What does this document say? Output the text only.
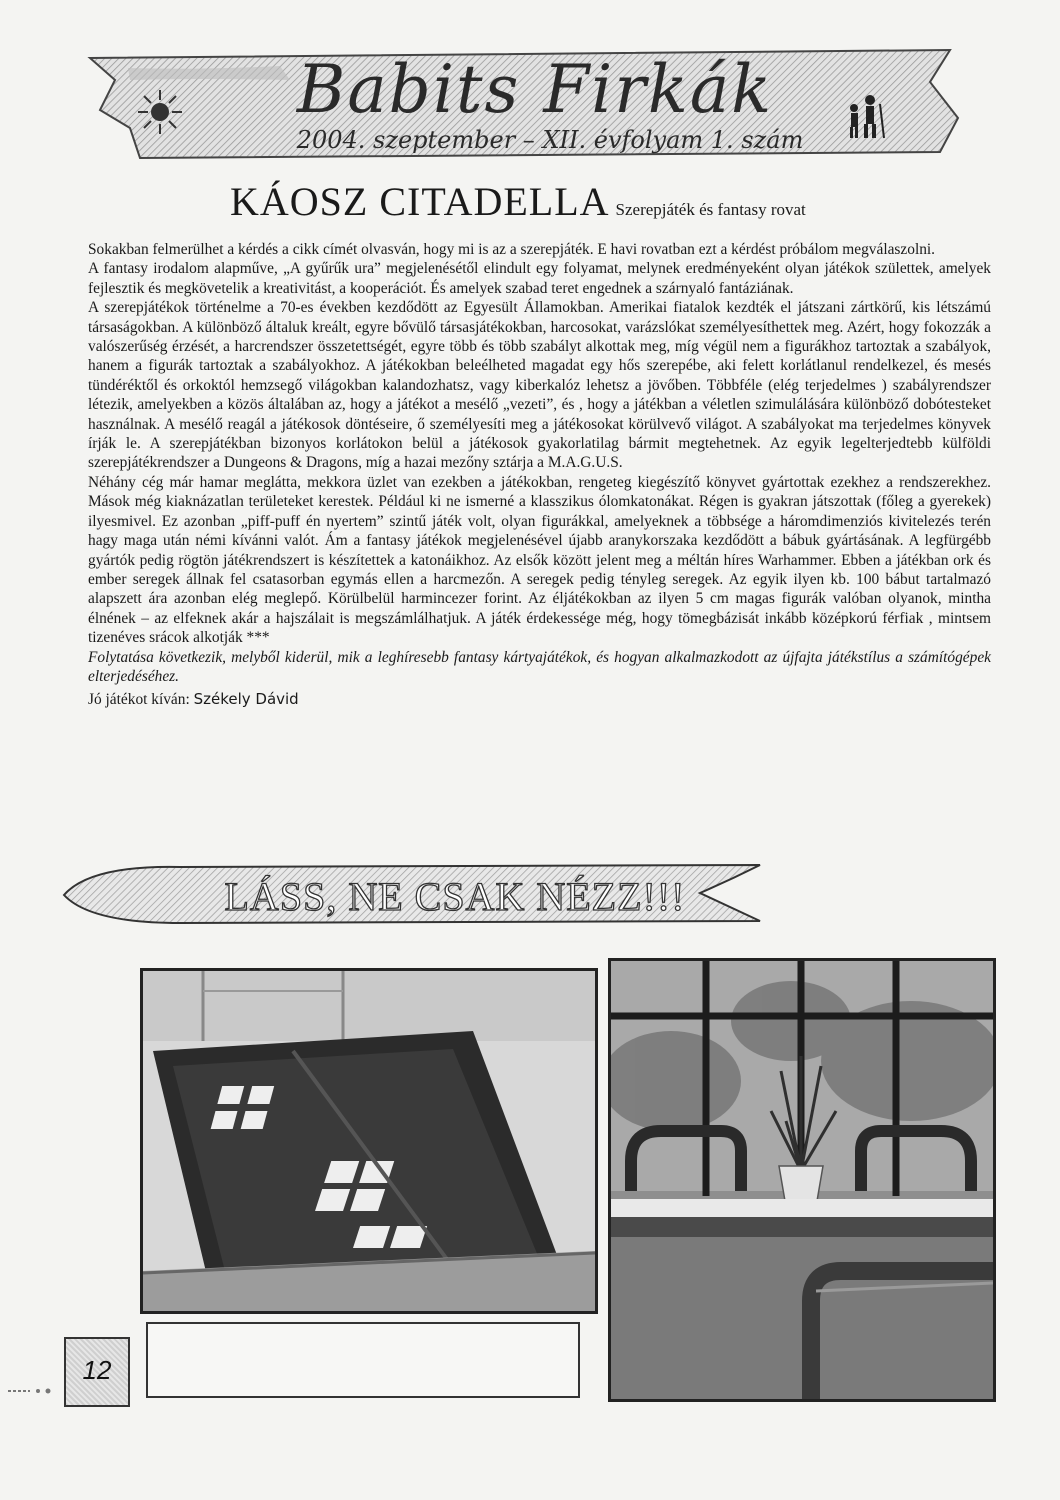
Babits Firkák
2004. szeptember – XII. évfolyam 1. szám
KÁOSZ CITADELLA Szerepjáték és fantasy rovat

Sokakban felmerülhet a kérdés a cikk címét olvasván, hogy mi is az a szerepjáték. E havi rovatban ezt a kérdést próbálom megválaszolni.

A fantasy irodalom alapműve, „A gyűrűk ura” megjelenésétől elindult egy folyamat, melynek eredményeként olyan játékok születtek, amelyek fejlesztik és megkövetelik a kreativitást, a kooperációt. És amelyek szabad teret engednek a szárnyaló fantáziának.

A szerepjátékok történelme a 70-es években kezdődött az Egyesült Államokban. Amerikai fiatalok kezdték el játszani zártkörű, kis létszámú társaságokban. A különböző általuk kreált, egyre bővülő társasjátékokban, harcosokat, varázslókat személyesíthettek meg. Azért, hogy fokozzák a valószerűség érzését, a harcrendszer összetettségét, egyre több és több szabályt alkottak meg, míg végül nem a figurákhoz tartoztak a szabályok, hanem a figurák tartoztak a szabályokhoz. A játékokban beleélheted magadat egy hős szerepébe, aki felett korlátlanul rendelkezel, és mesés tündéréktől és orkoktól hemzsegő világokban kalandozhatsz, vagy kiberkalóz lehetsz a jövőben. Többféle (elég terjedelmes ) szabályrendszer létezik, amelyekben a közös általában az, hogy a játékot a mesélő „vezeti”, és , hogy a játékban a véletlen szimulálására különböző dobótesteket használnak. A mesélő reagál a játékosok döntéseire, ő személyesíti meg a játékosokat körülvevő világot. A szabályokat ma terjedelmes könyvek írják le. A szerepjátékban bizonyos korlátokon belül a játékosok gyakorlatilag bármit megtehetnek. Az egyik legelterjedtebb külföldi szerepjátékrendszer a Dungeons & Dragons, míg a hazai mezőny sztárja a M.A.G.U.S.

Néhány cég már hamar meglátta, mekkora üzlet van ezekben a játékokban, rengeteg kiegészítő könyvet gyártottak ezekhez a rendszerekhez. Mások még kiaknázatlan területeket kerestek. Például ki ne ismerné a klasszikus ólomkatonákat. Régen is gyakran játszottak (főleg a gyerekek) ilyesmivel. Ez azonban „piff-puff én nyertem” szintű játék volt, olyan figurákkal, amelyeknek a többsége a háromdimenziós kivitelezés terén hagy maga után némi kívánni valót. Ám a fantasy játékok megjelenésével újabb aranykorszaka kezdődött a bábuk gyártásának. A legfürgébb gyártók pedig rögtön játékrendszert is készítettek a katonáikhoz. Az elsők között jelent meg a méltán híres Warhammer. Ebben a játékban ork és ember seregek állnak fel csatasorban egymás ellen a harcmezőn. A seregek pedig tényleg seregek. Az egyik ilyen kb. 100 bábut tartalmazó alapszett ára azonban elég meglepő. Körülbelül harmincezer forint. Az éljátékokban az ilyen 5 cm magas figurák valóban olyanok, mintha élnének – az elfeknek akár a hajszálait is megszámlálhatjuk. A játék érdekessége még, hogy tömegbázisát inkább középkorú férfiak , mintsem tizenéves srácok alkotják ***

Folytatása következik, melyből kiderül, mik a leghíresebb fantasy kártyajátékok, és hogyan alkalmazkodott az újfajta játékstílus a számítógépek elterjedéséhez.

Jó játékot kíván: Székely Dávid

LÁSS, NE CSAK NÉZZ!!!
12
